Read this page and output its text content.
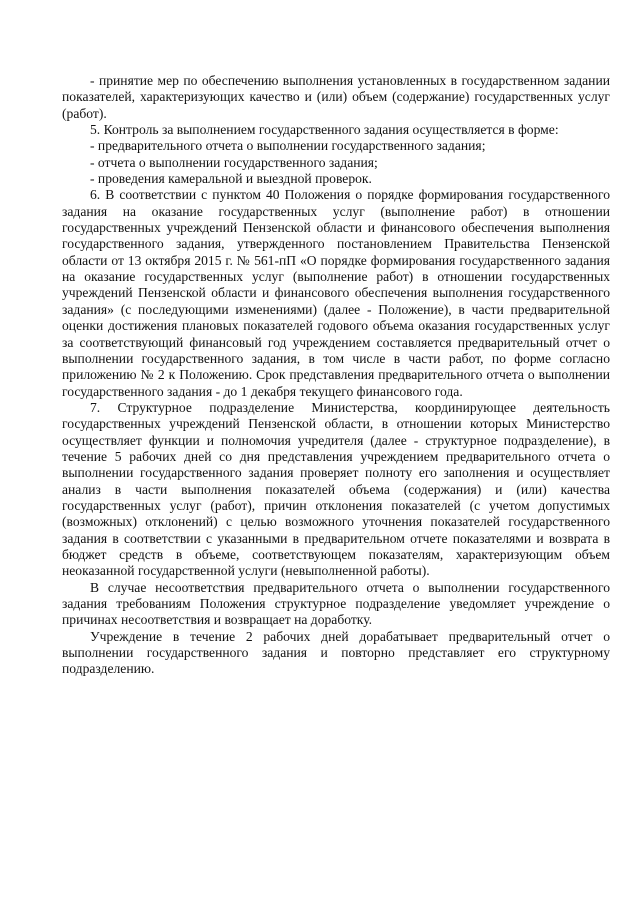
- принятие мер по обеспечению выполнения установленных в государственном задании показателей, характеризующих качество и (или) объем (содержание) государственных услуг (работ).

5. Контроль за выполнением государственного задания осуществляется в форме:

- предварительного отчета о выполнении государственного задания;

- отчета о выполнении государственного задания;

- проведения камеральной и выездной проверок.

6. В соответствии с пунктом 40 Положения о порядке формирования государственного задания на оказание государственных услуг (выполнение работ) в отношении государственных учреждений Пензенской области и финансового обеспечения выполнения государственного задания, утвержденного постановлением Правительства Пензенской области от 13 октября 2015 г. № 561-пП «О порядке формирования государственного задания на оказание государственных услуг (выполнение работ) в отношении государственных учреждений Пензенской области и финансового обеспечения выполнения государственного задания» (с последующими изменениями) (далее - Положение), в части предварительной оценки достижения плановых показателей годового объема оказания государственных услуг за соответствующий финансовый год учреждением составляется предварительный отчет о выполнении государственного задания, в том числе в части работ, по форме согласно приложению № 2 к Положению. Срок представления предварительного отчета о выполнении государственного задания - до 1 декабря текущего финансового года.

7. Структурное подразделение Министерства, координирующее деятельность государственных учреждений Пензенской области, в отношении которых Министерство осуществляет функции и полномочия учредителя (далее - структурное подразделение), в течение 5 рабочих дней со дня представления учреждением предварительного отчета о выполнении государственного задания проверяет полноту его заполнения и осуществляет анализ в части выполнения показателей объема (содержания) и (или) качества государственных услуг (работ), причин отклонения показателей (с учетом допустимых (возможных) отклонений) с целью возможного уточнения показателей государственного задания в соответствии с указанными в предварительном отчете показателями и возврата в бюджет средств в объеме, соответствующем показателям, характеризующим объем неоказанной государственной услуги (невыполненной работы).

В случае несоответствия предварительного отчета о выполнении государственного задания требованиям Положения структурное подразделение уведомляет учреждение о причинах несоответствия и возвращает на доработку.

Учреждение в течение 2 рабочих дней дорабатывает предварительный отчет о выполнении государственного задания и повторно представляет его структурному подразделению.
